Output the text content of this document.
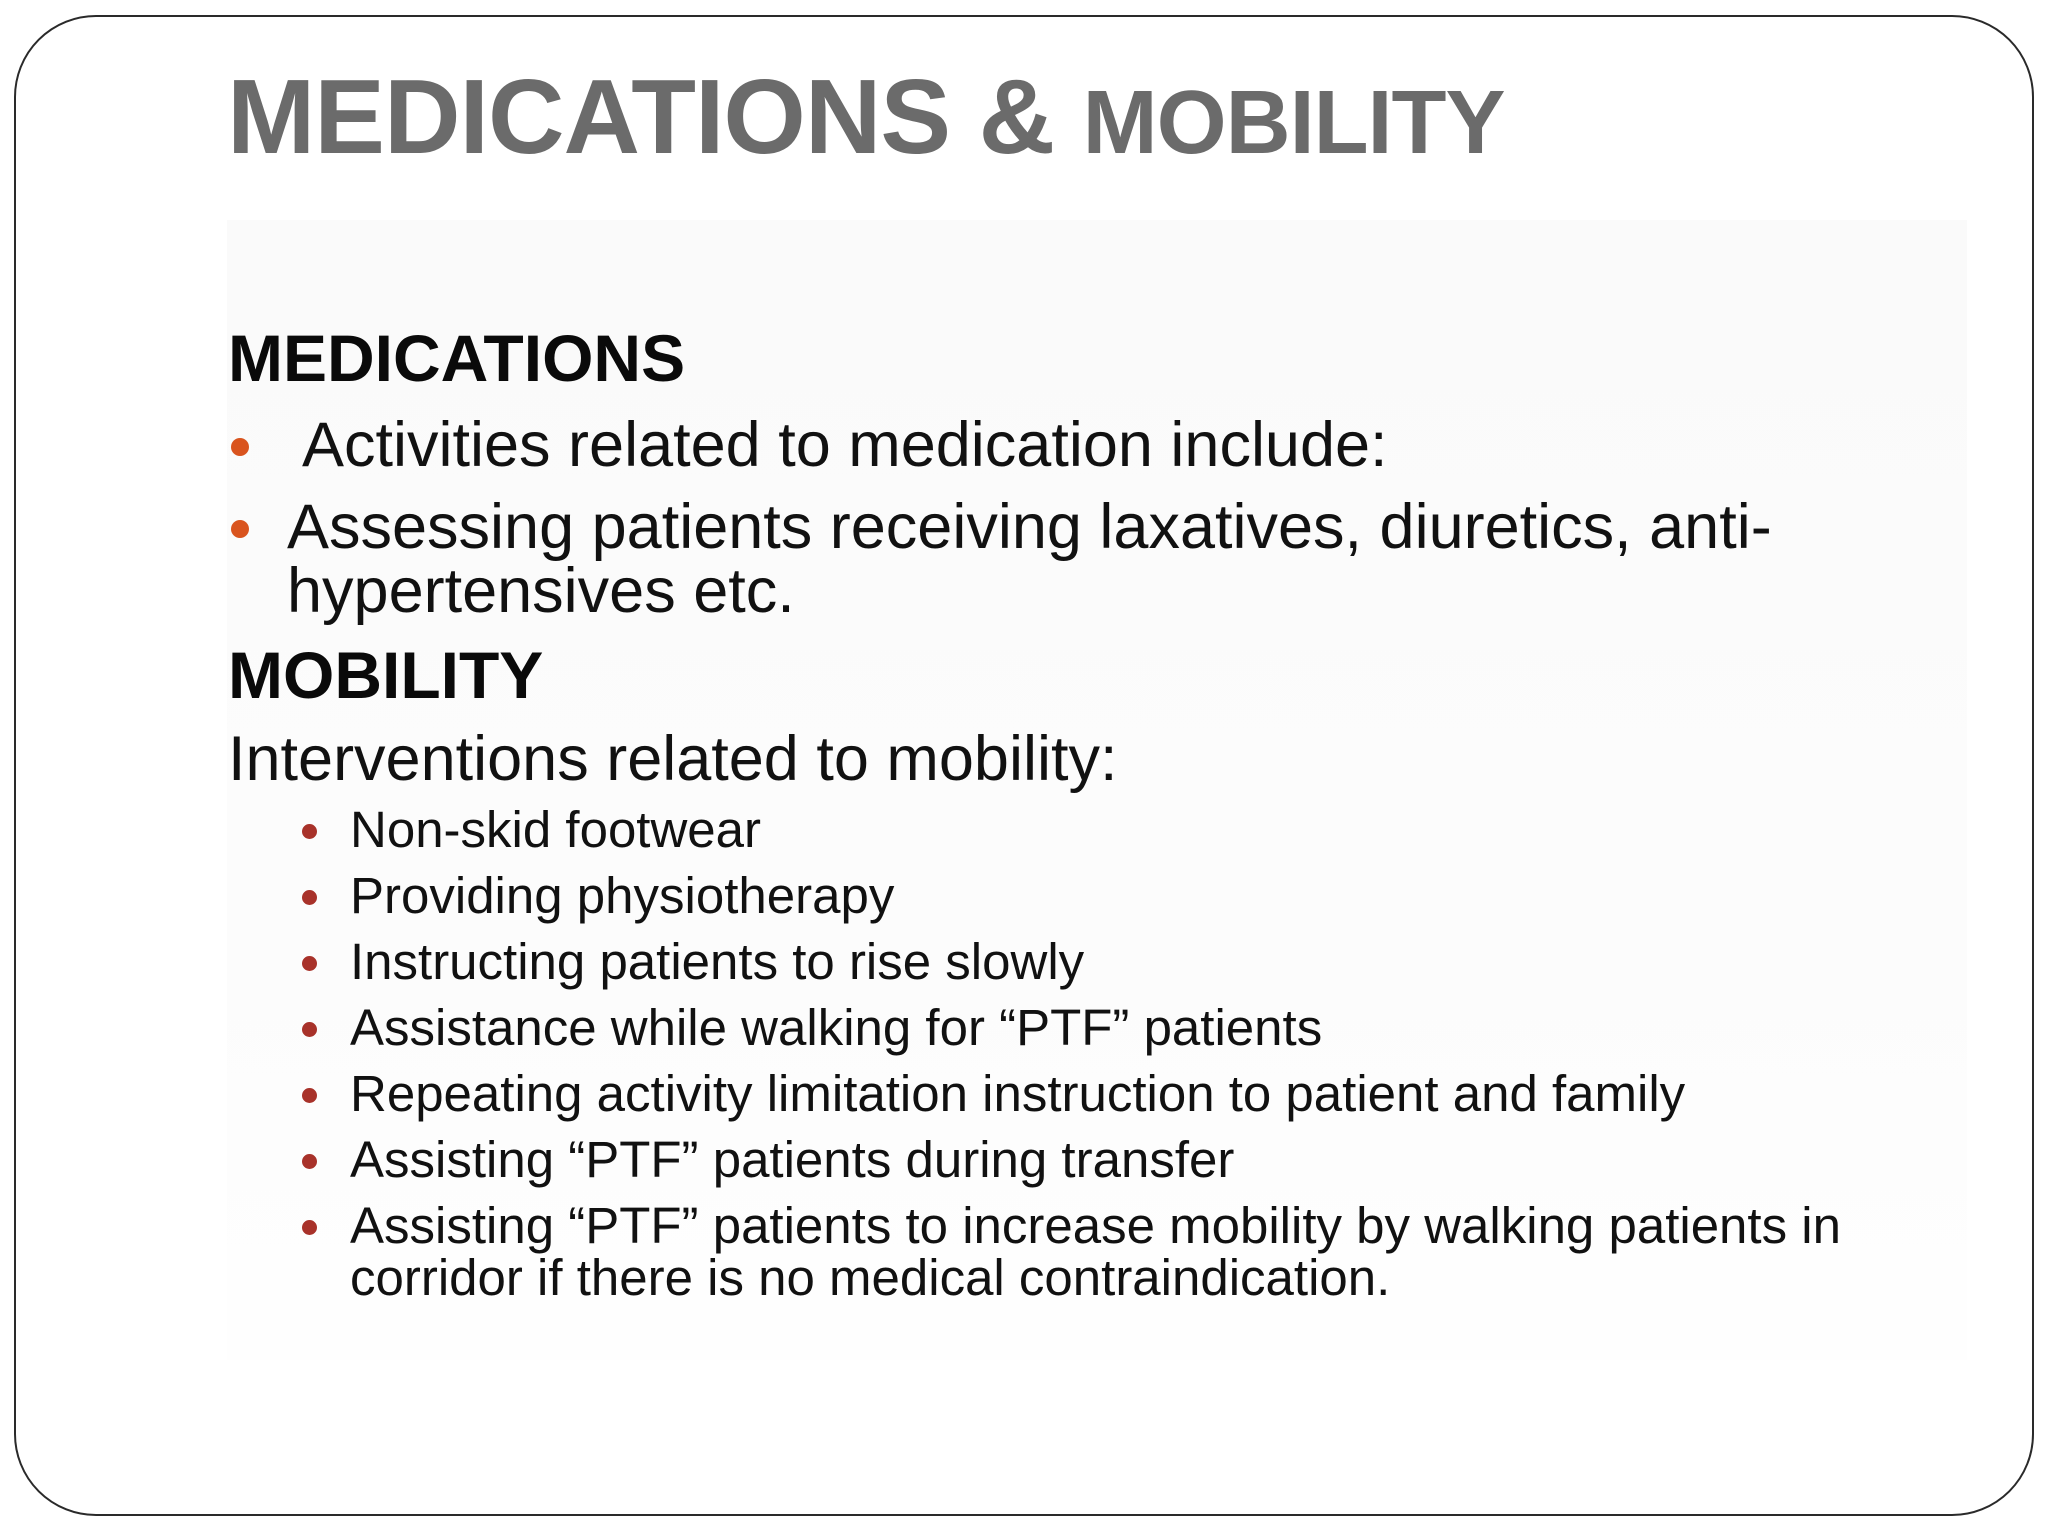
MEDICATIONS & MOBILITY
MEDICATIONS
Activities related to medication include:
Assessing patients receiving laxatives, diuretics, anti-hypertensives etc.
MOBILITY

Interventions related to mobility:

Non-skid footwear
Providing physiotherapy
Instructing patients to rise slowly
Assistance while walking for “PTF” patients
Repeating activity limitation instruction to patient and family
Assisting “PTF” patients during transfer
Assisting “PTF” patients to increase mobility by walking patients in corridor if there is no medical contraindication.
